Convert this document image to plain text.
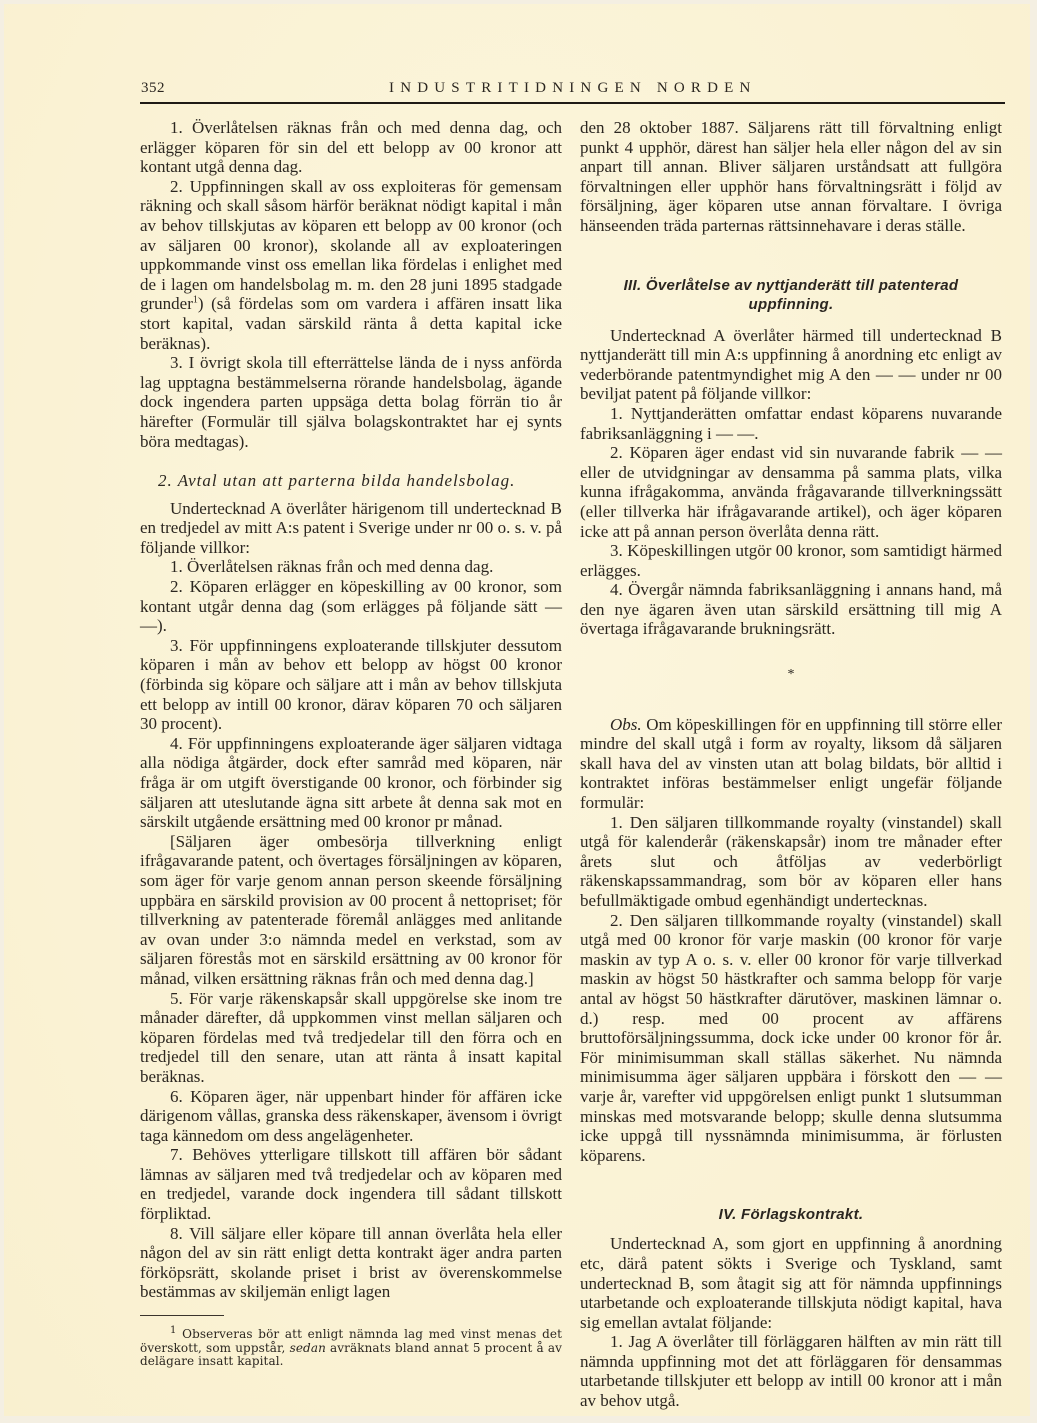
352	INDUSTRITIDNINGEN NORDEN

1. Överlåtelsen räknas från och med denna dag, och erlägger köparen för sin del ett belopp av 00 kronor att kontant utgå denna dag.

2. Uppfinningen skall av oss exploiteras för gemensam räkning och skall såsom härför beräknat nödigt kapital i mån av behov tillskjutas av köparen ett belopp av 00 kronor (och av säljaren 00 kronor), skolande all av exploateringen uppkommande vinst oss emellan lika fördelas i enlighet med de i lagen om handelsbolag m. m. den 28 juni 1895 stadgade grunder$^1$) (så fördelas som om vardera i affären insatt lika stort kapital, vadan särskild ränta å detta kapital icke beräknas).

3. I övrigt skola till efterrättelse lända de i nyss anförda lag upptagna bestämmelserna rörande handelsbolag, ägande dock ingendera parten uppsäga detta bolag förrän tio år härefter (Formulär till själva bolagskontraktet har ej synts böra medtagas).

2. Avtal utan att parterna bilda handelsbolag.

Undertecknad A överlåter härigenom till undertecknad B en tredjedel av mitt A:s patent i Sverige under nr 00 o. s. v. på följande villkor:

1. Överlåtelsen räknas från och med denna dag.

2. Köparen erlägger en köpeskilling av 00 kronor, som kontant utgår denna dag (som erlägges på följande sätt — —).

3. För uppfinningens exploaterande tillskjuter dessutom köparen i mån av behov ett belopp av högst 00 kronor (förbinda sig köpare och säljare att i mån av behov tillskjuta ett belopp av intill 00 kronor, därav köparen 70 och säljaren 30 procent).

4. För uppfinningens exploaterande äger säljaren vidtaga alla nödiga åtgärder, dock efter samråd med köparen, när fråga är om utgift överstigande 00 kronor, och förbinder sig säljaren att uteslutande ägna sitt arbete åt denna sak mot en särskilt utgående ersättning med 00 kronor pr månad.

[Säljaren äger ombesörja tillverkning enligt ifrågavarande patent, och övertages försäljningen av köparen, som äger för varje genom annan person skeende försäljning uppbära en särskild provision av 00 procent å nettopriset; för tillverkning av patenterade föremål anlägges med anlitande av ovan under 3:o nämnda medel en verkstad, som av säljaren förestås mot en särskild ersättning av 00 kronor för månad, vilken ersättning räknas från och med denna dag.]

5. För varje räkenskapsår skall uppgörelse ske inom tre månader därefter, då uppkommen vinst mellan säljaren och köparen fördelas med två tredjedelar till den förra och en tredjedel till den senare, utan att ränta å insatt kapital beräknas.

6. Köparen äger, när uppenbart hinder för affären icke därigenom vållas, granska dess räkenskaper, ävensom i övrigt taga kännedom om dess angelägenheter.

7. Behöves ytterligare tillskott till affären bör sådant lämnas av säljaren med två tredjedelar och av köparen med en tredjedel, varande dock ingendera till sådant tillskott förpliktad.

8. Vill säljare eller köpare till annan överlåta hela eller någon del av sin rätt enligt detta kontrakt äger andra parten förköpsrätt, skolande priset i brist av överenskommelse bestämmas av skiljemän enligt lagen

$^1$ Observeras bör att enligt nämnda lag med vinst menas det överskott, som uppstår, sedan avräknats bland annat 5 procent å av delägare insatt kapital.

den 28 oktober 1887. Säljarens rätt till förvaltning enligt punkt 4 upphör, därest han säljer hela eller någon del av sin anpart till annan. Bliver säljaren urståndsatt att fullgöra förvaltningen eller upphör hans förvaltningsrätt i följd av försäljning, äger köparen utse annan förvaltare. I övriga hänseenden träda parternas rättsinnehavare i deras ställe.

III. Överlåtelse av nyttjanderätt till patenterad

uppfinning.

Undertecknad A överlåter härmed till undertecknad B nyttjanderätt till min A:s uppfinning å anordning etc enligt av vederbörande patentmyndighet mig A den — — under nr 00 beviljat patent på följande villkor:

1. Nyttjanderätten omfattar endast köparens nuvarande fabriksanläggning i — —.

2. Köparen äger endast vid sin nuvarande fabrik — — eller de utvidgningar av densamma på samma plats, vilka kunna ifrågakomma, använda frågavarande tillverkningssätt (eller tillverka här ifrågavarande artikel), och äger köparen icke att på annan person överlåta denna rätt.

3. Köpeskillingen utgör 00 kronor, som samtidigt härmed erlägges.

4. Övergår nämnda fabriksanläggning i annans hand, må den nye ägaren även utan särskild ersättning till mig A övertaga ifrågavarande brukningsrätt.

*

Obs. Om köpeskillingen för en uppfinning till större eller mindre del skall utgå i form av royalty, liksom då säljaren skall hava del av vinsten utan att bolag bildats, bör alltid i kontraktet införas bestämmelser enligt ungefär följande formulär:

1. Den säljaren tillkommande royalty (vinstandel) skall utgå för kalenderår (räkenskapsår) inom tre månader efter årets slut och åtföljas av vederbörligt räkenskapssammandrag, som bör av köparen eller hans befullmäktigade ombud egenhändigt undertecknas.

2. Den säljaren tillkommande royalty (vinstandel) skall utgå med 00 kronor för varje maskin (00 kronor för varje maskin av typ A o. s. v. eller 00 kronor för varje tillverkad maskin av högst 50 hästkrafter och samma belopp för varje antal av högst 50 hästkrafter därutöver, maskinen lämnar o. d.) resp. med 00 procent av affärens bruttoförsäljningssumma, dock icke under 00 kronor för år. För minimisumman skall ställas säkerhet. Nu nämnda minimisumma äger säljaren uppbära i förskott den — — varje år, varefter vid uppgörelsen enligt punkt 1 slutsumman minskas med motsvarande belopp; skulle denna slutsumma icke uppgå till nyssnämnda minimisumma, är förlusten köparens.

IV. Förlagskontrakt.

Undertecknad A, som gjort en uppfinning å anordning etc, därå patent sökts i Sverige och Tyskland, samt undertecknad B, som åtagit sig att för nämnda uppfinnings utarbetande och exploaterande tillskjuta nödigt kapital, hava sig emellan avtalat följande:

1. Jag A överlåter till förläggaren hälften av min rätt till nämnda uppfinning mot det att förläggaren för densammas utarbetande tillskjuter ett belopp av intill 00 kronor att i mån av behov utgå.
